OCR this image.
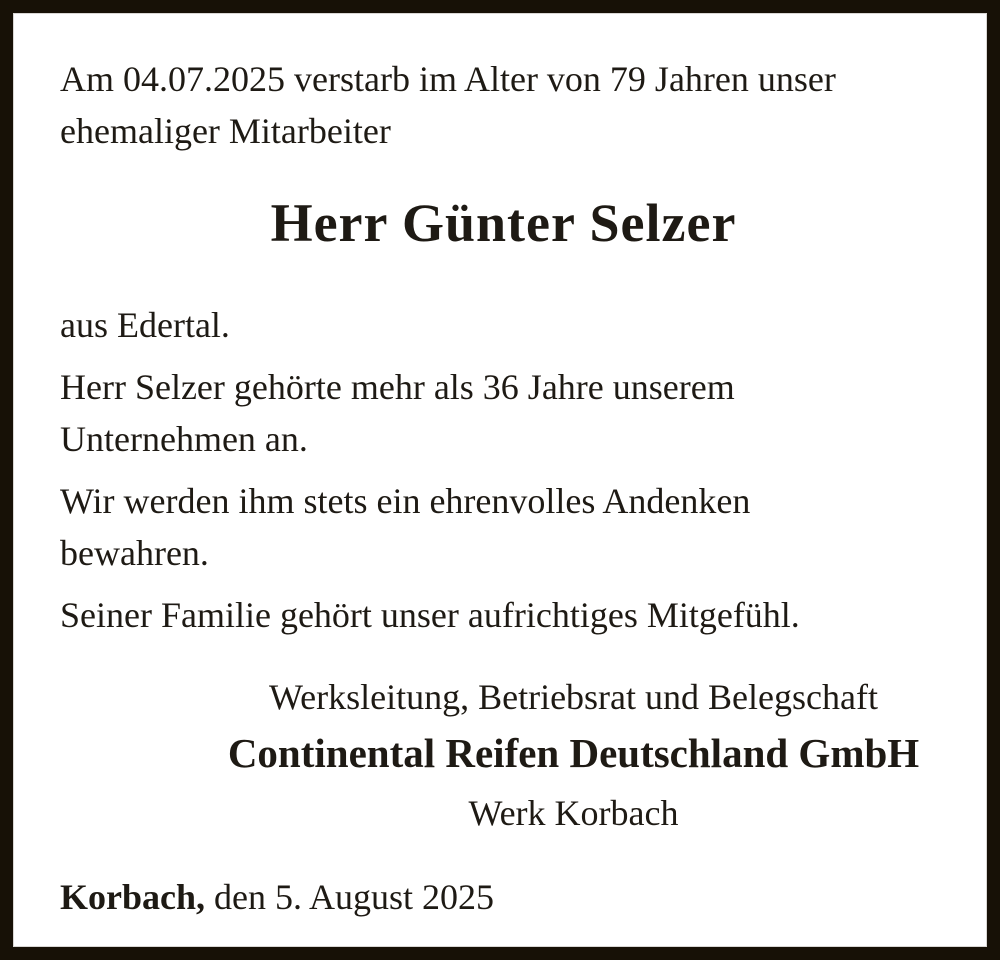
Am 04.07.2025 verstarb im Alter von 79 Jahren unser
ehemaliger Mitarbeiter
Herr Günter Selzer
aus Edertal.
Herr Selzer gehörte mehr als 36 Jahre unserem
Unternehmen an.
Wir werden ihm stets ein ehrenvolles Andenken
bewahren.
Seiner Familie gehört unser aufrichtiges Mitgefühl.
Werksleitung, Betriebsrat und Belegschaft
Continental Reifen Deutschland GmbH
Werk Korbach
Korbach, den 5. August 2025
